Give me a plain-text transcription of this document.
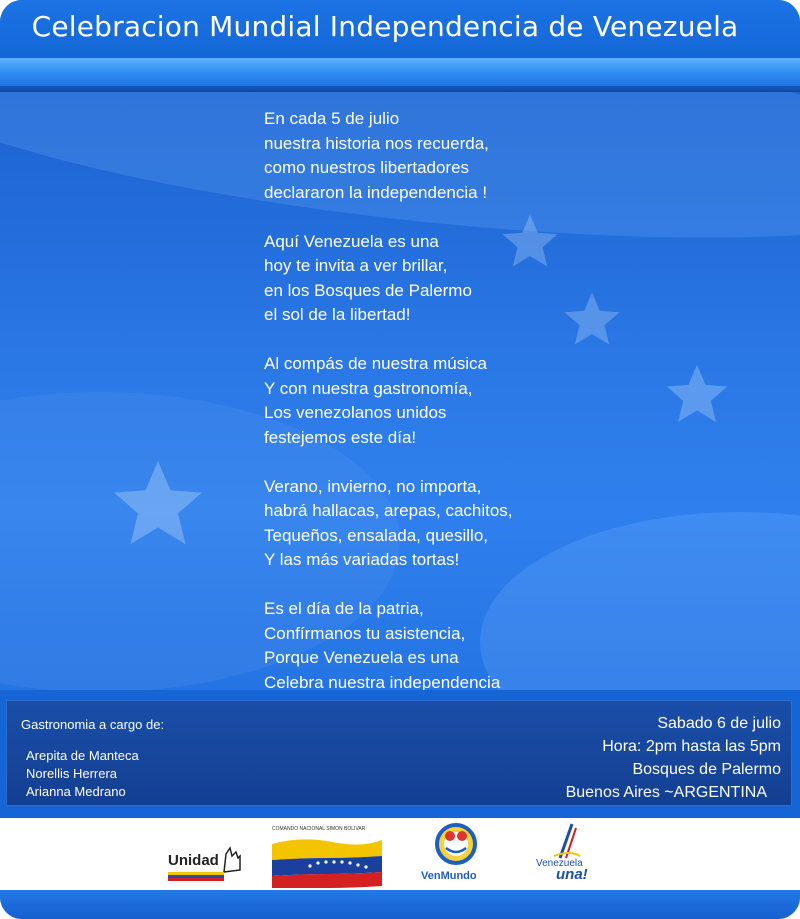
Celebracion Mundial Independencia de Venezuela
En cada 5 de julio
nuestra historia nos recuerda,
como nuestros libertadores
declararon la independencia !
Aquí Venezuela es una
hoy te invita a ver brillar,
en los Bosques de Palermo
el sol de la libertad!
Al compás de nuestra música
Y con nuestra gastronomía,
Los venezolanos unidos
festejemos este día!
Verano, invierno, no importa,
habrá hallacas, arepas, cachitos,
Tequeños, ensalada, quesillo,
Y las más variadas tortas!
Es el día de la patria,
Confírmanos tu asistencia,
Porque Venezuela es una
Celebra nuestra independencia
Gastronomia a cargo de:
Arepita de Manteca
Norellis Herrera
Arianna Medrano
Sabado 6 de julio
Hora: 2pm hasta las 5pm
Bosques de Palermo
Buenos Aires ~ARGENTINA
Unidad
COMANDO NACIONAL SIMON BOLIVAR
VenMundo
Venezuela
una!
